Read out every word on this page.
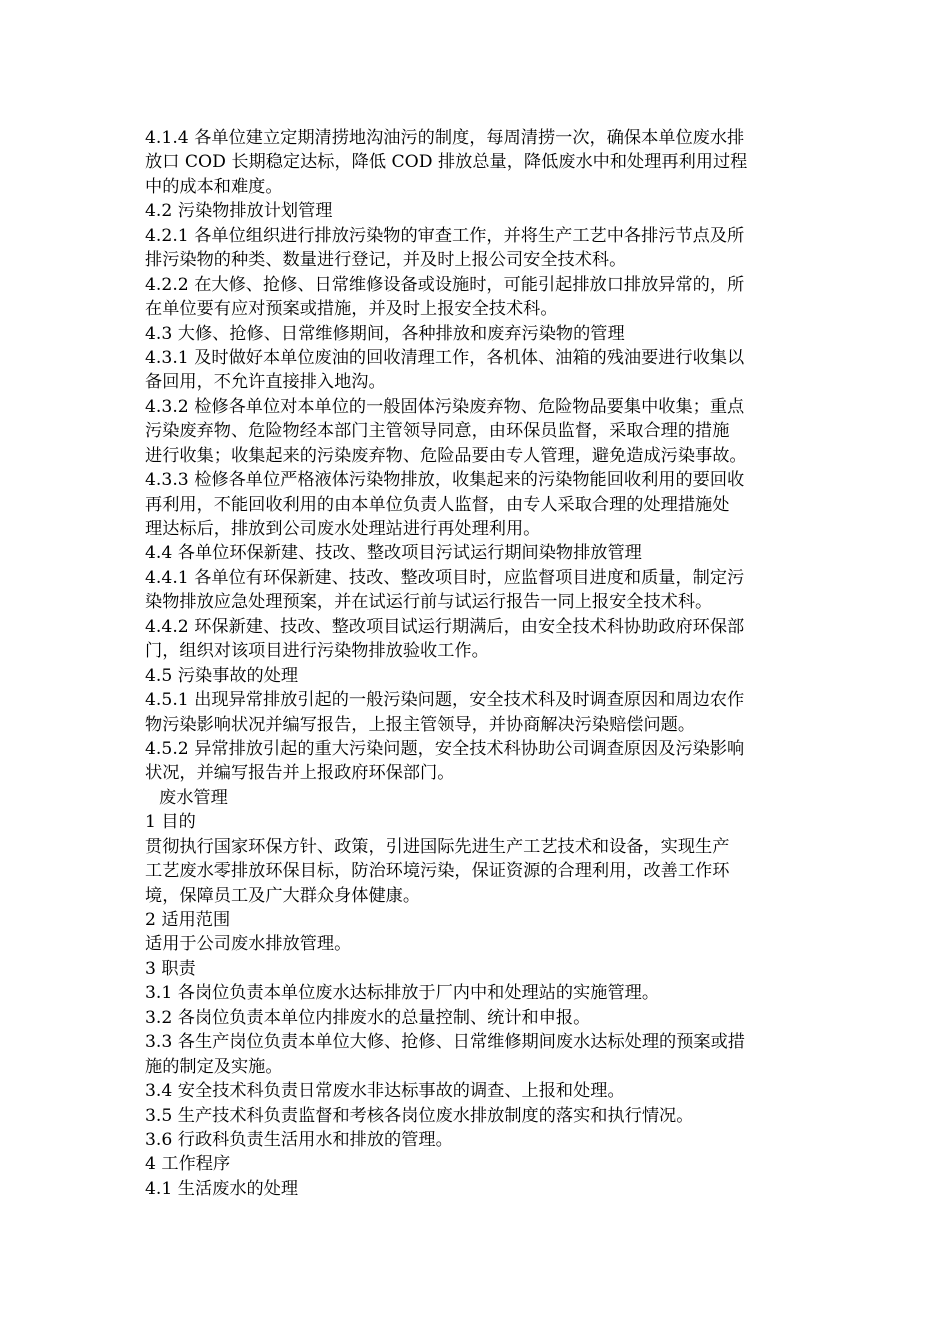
4.1.4 各单位建立定期清捞地沟油污的制度，每周清捞一次，确保本单位废水排
放口 COD 长期稳定达标，降低 COD 排放总量，降低废水中和处理再利用过程
中的成本和难度。
4.2 污染物排放计划管理
4.2.1 各单位组织进行排放污染物的审查工作，并将生产工艺中各排污节点及所
排污染物的种类、数量进行登记，并及时上报公司安全技术科。
4.2.2 在大修、抢修、日常维修设备或设施时，可能引起排放口排放异常的，所
在单位要有应对预案或措施，并及时上报安全技术科。
4.3 大修、抢修、日常维修期间，各种排放和废弃污染物的管理
4.3.1 及时做好本单位废油的回收清理工作，各机体、油箱的残油要进行收集以
备回用，不允许直接排入地沟。
4.3.2 检修各单位对本单位的一般固体污染废弃物、危险物品要集中收集；重点
污染废弃物、危险物经本部门主管领导同意，由环保员监督，采取合理的措施
进行收集；收集起来的污染废弃物、危险品要由专人管理，避免造成污染事故。
4.3.3 检修各单位严格液体污染物排放，收集起来的污染物能回收利用的要回收
再利用，不能回收利用的由本单位负责人监督，由专人采取合理的处理措施处
理达标后，排放到公司废水处理站进行再处理利用。
4.4 各单位环保新建、技改、整改项目污试运行期间染物排放管理
4.4.1 各单位有环保新建、技改、整改项目时，应监督项目进度和质量，制定污
染物排放应急处理预案，并在试运行前与试运行报告一同上报安全技术科。
4.4.2 环保新建、技改、整改项目试运行期满后，由安全技术科协助政府环保部
门，组织对该项目进行污染物排放验收工作。
4.5 污染事故的处理
4.5.1 出现异常排放引起的一般污染问题，安全技术科及时调查原因和周边农作
物污染影响状况并编写报告，上报主管领导，并协商解决污染赔偿问题。
4.5.2 异常排放引起的重大污染问题，安全技术科协助公司调查原因及污染影响
状况，并编写报告并上报政府环保部门。
废水管理
1 目的
贯彻执行国家环保方针、政策，引进国际先进生产工艺技术和设备，实现生产
工艺废水零排放环保目标，防治环境污染，保证资源的合理利用，改善工作环
境，保障员工及广大群众身体健康。
2 适用范围
适用于公司废水排放管理。
3 职责
3.1 各岗位负责本单位废水达标排放于厂内中和处理站的实施管理。
3.2 各岗位负责本单位内排废水的总量控制、统计和申报。
3.3 各生产岗位负责本单位大修、抢修、日常维修期间废水达标处理的预案或措
施的制定及实施。
3.4 安全技术科负责日常废水非达标事故的调查、上报和处理。
3.5 生产技术科负责监督和考核各岗位废水排放制度的落实和执行情况。
3.6 行政科负责生活用水和排放的管理。
4 工作程序
4.1 生活废水的处理
